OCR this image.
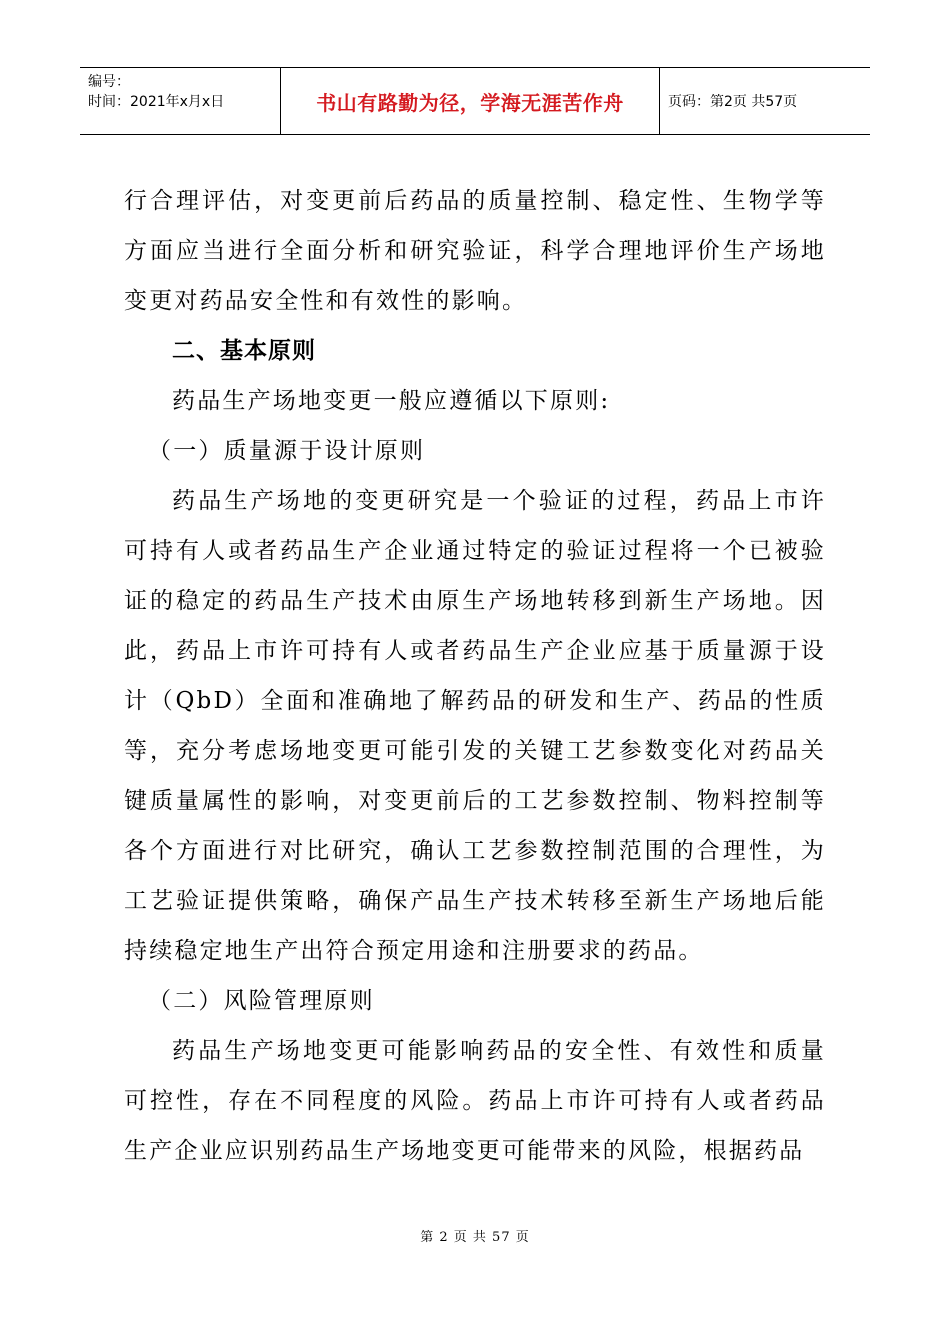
编号：
时间：2021年x月x日	书山有路勤为径，学海无涯苦作舟	页码：第2页 共57页

行合理评估，对变更前后药品的质量控制、稳定性、生物学等方面应当进行全面分析和研究验证，科学合理地评价生产场地变更对药品安全性和有效性的影响。

二、基本原则

药品生产场地变更一般应遵循以下原则:

（一）质量源于设计原则

药品生产场地的变更研究是一个验证的过程，药品上市许可持有人或者药品生产企业通过特定的验证过程将一个已被验证的稳定的药品生产技术由原生产场地转移到新生产场地。因此，药品上市许可持有人或者药品生产企业应基于质量源于设计（QbD）全面和准确地了解药品的研发和生产、药品的性质等，充分考虑场地变更可能引发的关键工艺参数变化对药品关键质量属性的影响，对变更前后的工艺参数控制、物料控制等各个方面进行对比研究，确认工艺参数控制范围的合理性，为工艺验证提供策略，确保产品生产技术转移至新生产场地后能持续稳定地生产出符合预定用途和注册要求的药品。

（二）风险管理原则

药品生产场地变更可能影响药品的安全性、有效性和质量可控性，存在不同程度的风险。药品上市许可持有人或者药品生产企业应识别药品生产场地变更可能带来的风险，根据药品

第 2 页 共 57 页
